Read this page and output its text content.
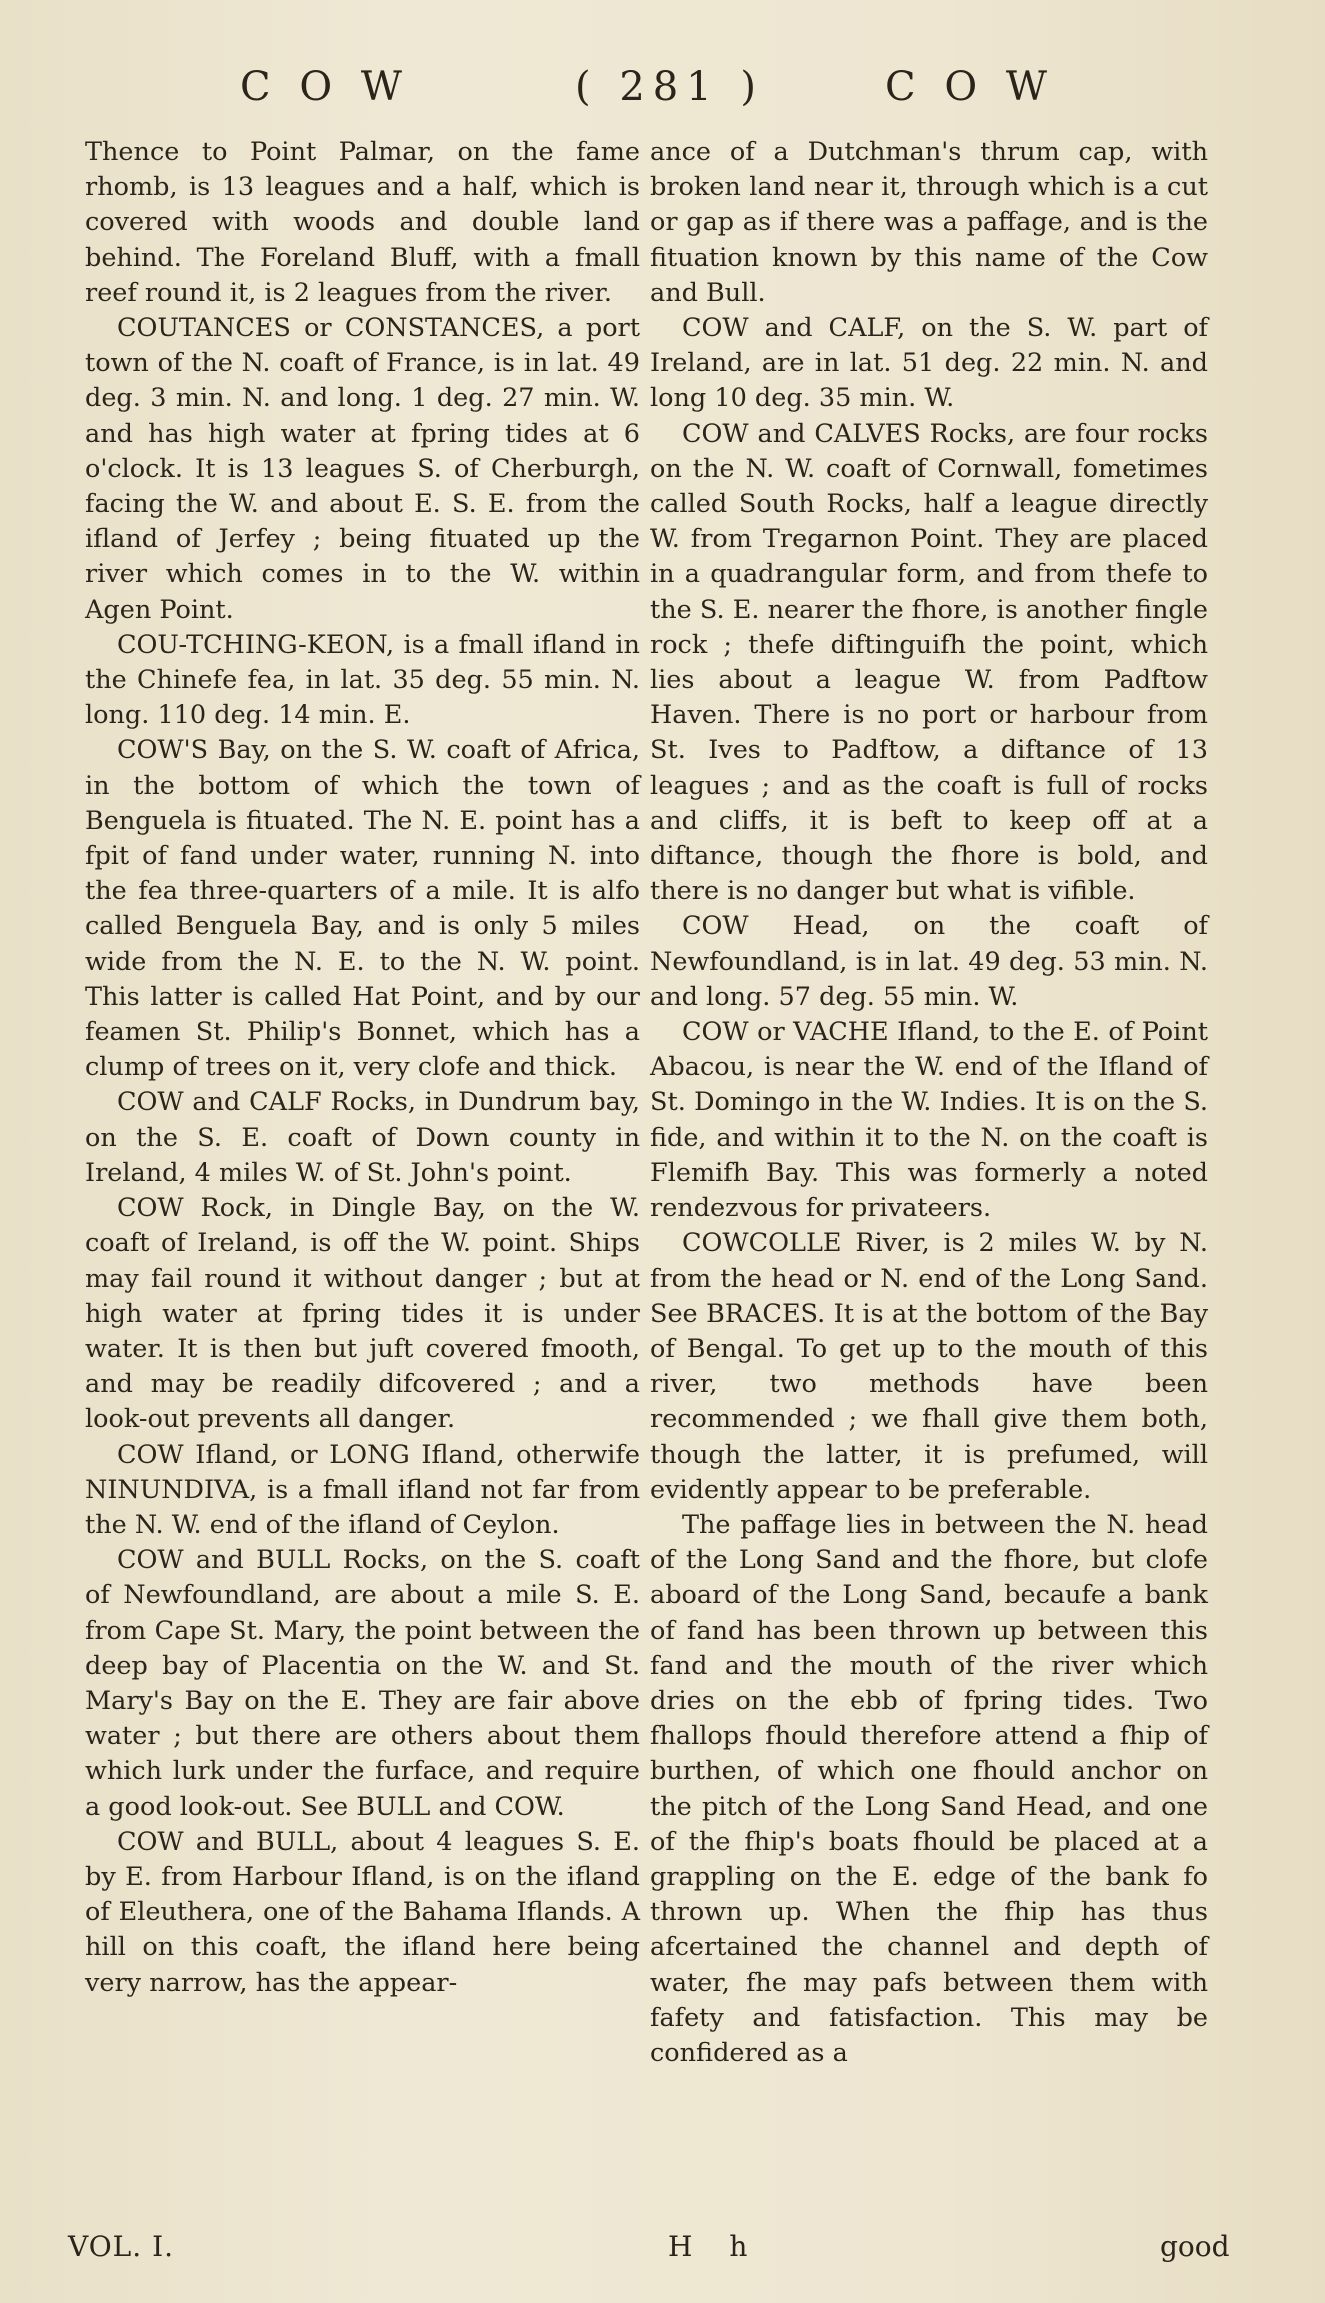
C O W	( 281 )	C O W

Thence to Point Palmar, on the fame rhomb, is 13 leagues and a half, which is covered with woods and double land behind. The Foreland Bluff, with a fmall reef round it, is 2 leagues from the river.

COUTANCES or CONSTANCES, a port town of the N. coaft of France, is in lat. 49 deg. 3 min. N. and long. 1 deg. 27 min. W. and has high water at fpring tides at 6 o'clock. It is 13 leagues S. of Cherburgh, facing the W. and about E. S. E. from the ifland of Jerfey ; being fituated up the river which comes in to the W. within Agen Point.

COU-TCHING-KEON, is a fmall ifland in the Chinefe fea, in lat. 35 deg. 55 min. N. long. 110 deg. 14 min. E.

COW'S Bay, on the S. W. coaft of Africa, in the bottom of which the town of Benguela is fituated. The N. E. point has a fpit of fand under water, running N. into the fea three-quarters of a mile. It is alfo called Benguela Bay, and is only 5 miles wide from the N. E. to the N. W. point. This latter is called Hat Point, and by our feamen St. Philip's Bonnet, which has a clump of trees on it, very clofe and thick.

COW and CALF Rocks, in Dundrum bay, on the S. E. coaft of Down county in Ireland, 4 miles W. of St. John's point.

COW Rock, in Dingle Bay, on the W. coaft of Ireland, is off the W. point. Ships may fail round it without danger ; but at high water at fpring tides it is under water. It is then but juft covered fmooth, and may be readily difcovered ; and a look-out prevents all danger.

COW Ifland, or LONG Ifland, otherwife NINUNDIVA, is a fmall ifland not far from the N. W. end of the ifland of Ceylon.

COW and BULL Rocks, on the S. coaft of Newfoundland, are about a mile S. E. from Cape St. Mary, the point between the deep bay of Placentia on the W. and St. Mary's Bay on the E. They are fair above water ; but there are others about them which lurk under the furface, and require a good look-out. See BULL and COW.

COW and BULL, about 4 leagues S. E. by E. from Harbour Ifland, is on the ifland of Eleuthera, one of the Bahama Iflands. A hill on this coaft, the ifland here being very narrow, has the appear-

ance of a Dutchman's thrum cap, with broken land near it, through which is a cut or gap as if there was a paffage, and is the fituation known by this name of the Cow and Bull.

COW and CALF, on the S. W. part of Ireland, are in lat. 51 deg. 22 min. N. and long 10 deg. 35 min. W.

COW and CALVES Rocks, are four rocks on the N. W. coaft of Cornwall, fometimes called South Rocks, half a league directly W. from Tregarnon Point. They are placed in a quadrangular form, and from thefe to the S. E. nearer the fhore, is another fingle rock ; thefe diftinguifh the point, which lies about a league W. from Padftow Haven. There is no port or harbour from St. Ives to Padftow, a diftance of 13 leagues ; and as the coaft is full of rocks and cliffs, it is beft to keep off at a diftance, though the fhore is bold, and there is no danger but what is vifible.

COW Head, on the coaft of Newfoundland, is in lat. 49 deg. 53 min. N. and long. 57 deg. 55 min. W.

COW or VACHE Ifland, to the E. of Point Abacou, is near the W. end of the Ifland of St. Domingo in the W. Indies. It is on the S. fide, and within it to the N. on the coaft is Flemifh Bay. This was formerly a noted rendezvous for privateers.

COWCOLLE River, is 2 miles W. by N. from the head or N. end of the Long Sand. See BRACES. It is at the bottom of the Bay of Bengal. To get up to the mouth of this river, two methods have been recommended ; we fhall give them both, though the latter, it is prefumed, will evidently appear to be preferable.

The paffage lies in between the N. head of the Long Sand and the fhore, but clofe aboard of the Long Sand, becaufe a bank of fand has been thrown up between this fand and the mouth of the river which dries on the ebb of fpring tides. Two fhallops fhould therefore attend a fhip of burthen, of which one fhould anchor on the pitch of the Long Sand Head, and one of the fhip's boats fhould be placed at a grappling on the E. edge of the bank fo thrown up. When the fhip has thus afcertained the channel and depth of water, fhe may pafs between them with fafety and fatisfaction. This may be confidered as a

VOL. I.	H h	good
